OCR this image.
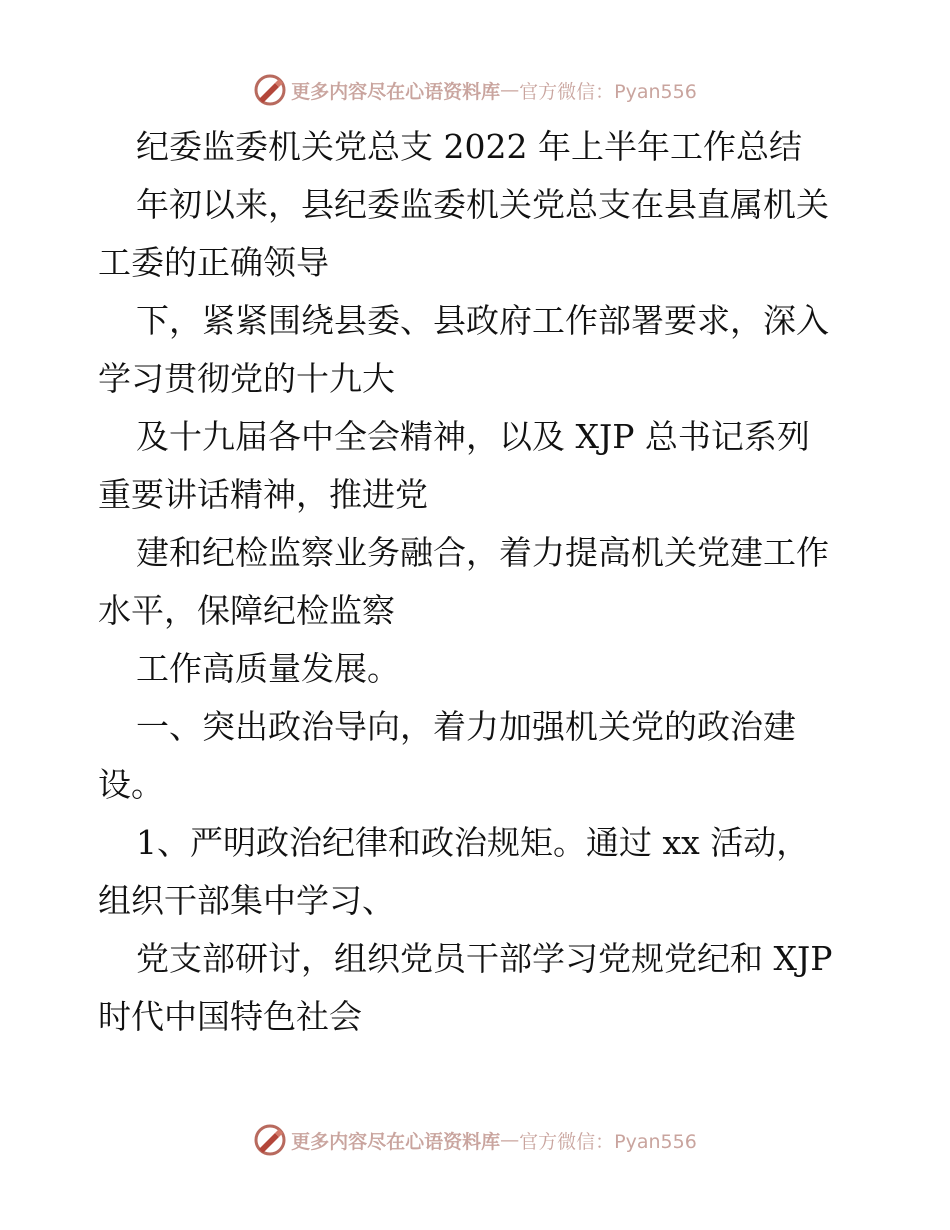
更多内容尽在心语资料库 — 官方微信：Pyan556
纪委监委机关党总支 2022 年上半年工作总结
年初以来，县纪委监委机关党总支在县直属机关
工委的正确领导
下，紧紧围绕县委、县政府工作部署要求，深入
学习贯彻党的十九大
及十九届各中全会精神，以及 XJP 总书记系列
重要讲话精神，推进党
建和纪检监察业务融合，着力提高机关党建工作
水平，保障纪检监察
工作高质量发展。
一、突出政治导向，着力加强机关党的政治建
设。
1、严明政治纪律和政治规矩。通过 xx 活动，
组织干部集中学习、
党支部研讨，组织党员干部学习党规党纪和 XJP
时代中国特色社会
更多内容尽在心语资料库 — 官方微信：Pyan556
